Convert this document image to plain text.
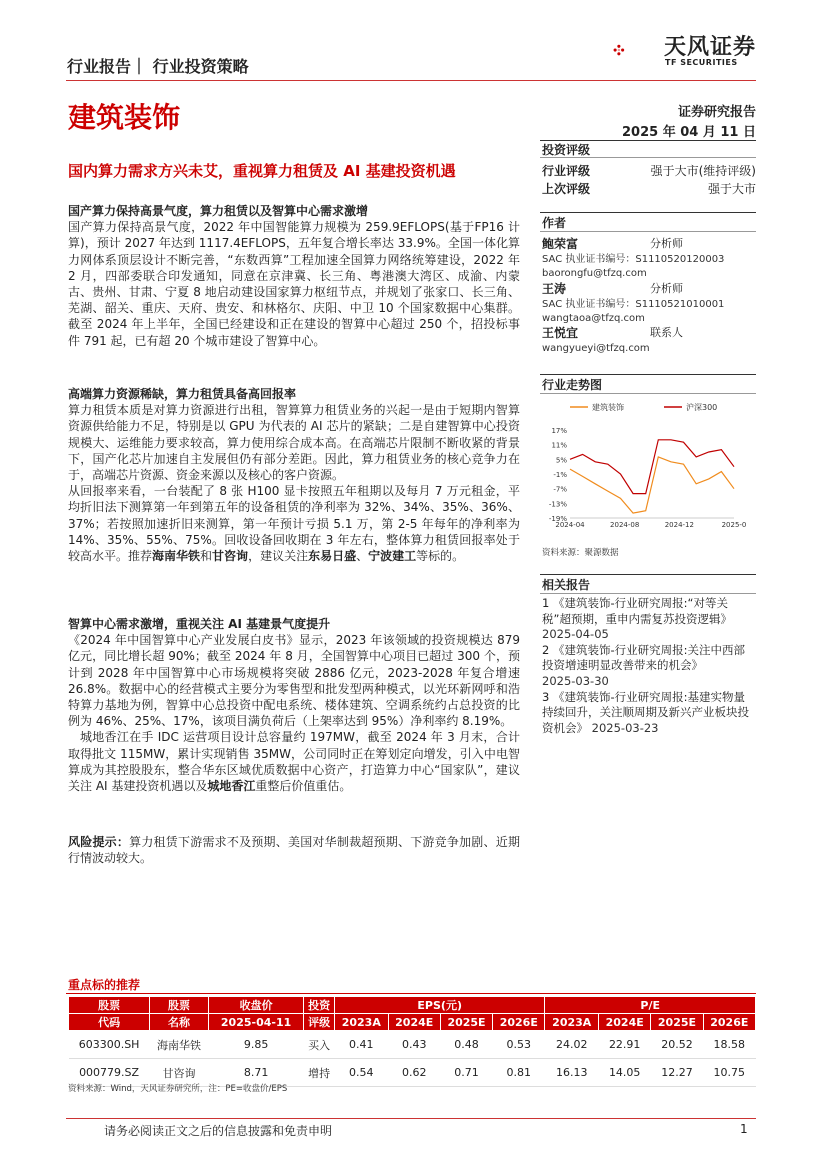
行业报告｜ 行业投资策略
天风证券
TF SECURITIES
建筑装饰	证券研究报告
2025 年 04 月 11 日
国内算力需求方兴未艾，重视算力租赁及 AI 基建投资机遇
投资评级
行业评级	强于大市(维持评级)
上次评级	强于大市
作者
鲍荣富	分析师
SAC 执业证书编号：S1110520120003
baorongfu@tfzq.com
王涛	分析师
SAC 执业证书编号：S1110521010001
wangtaoa@tfzq.com
王悦宜	联系人
wangyueyi@tfzq.com
行业走势图
建筑装饰	沪深300
17%
11%
5%
-1%
-7%
-13%
-19%
2024-04	2024-08	2024-12	2025-0
资料来源：聚源数据
相关报告

1 《建筑装饰-行业研究周报:“对等关税”超预期，重申内需复苏投资逻辑》

2025-04-05

2 《建筑装饰-行业研究周报:关注中西部投资增速明显改善带来的机会》

2025-03-30

3 《建筑装饰-行业研究周报:基建实物量持续回升，关注顺周期及新兴产业板块投资机会》 2025-03-23

国产算力保持高景气度，算力租赁以及智算中心需求激增

国产算力保持高景气度，2022 年中国智能算力规模为 259.9EFLOPS(基于FP16 计算)，预计 2027 年达到 1117.4EFLOPS，五年复合增长率达 33.9%。全国一体化算力网体系顶层设计不断完善，“东数西算”工程加速全国算力网络统筹建设，2022 年 2 月，四部委联合印发通知，同意在京津冀、长三角、粤港澳大湾区、成渝、内蒙古、贵州、甘肃、宁夏 8 地启动建设国家算力枢纽节点，并规划了张家口、长三角、芜湖、韶关、重庆、天府、贵安、和林格尔、庆阳、中卫 10 个国家数据中心集群。截至 2024 年上半年，全国已经建设和正在建设的智算中心超过 250 个，招投标事件 791 起，已有超 20 个城市建设了智算中心。

高端算力资源稀缺，算力租赁具备高回报率

算力租赁本质是对算力资源进行出租，智算算力租赁业务的兴起一是由于短期内智算资源供给能力不足，特别是以 GPU 为代表的 AI 芯片的紧缺；二是自建智算中心投资规模大、运维能力要求较高，算力使用综合成本高。在高端芯片限制不断收紧的背景下，国产化芯片加速自主发展但仍有部分差距。因此，算力租赁业务的核心竞争力在于，高端芯片资源、资金来源以及核心的客户资源。

从回报率来看，一台装配了 8 张 H100 显卡按照五年租期以及每月 7 万元租金，平均折旧法下测算第一年到第五年的设备租赁的净利率为 32%、34%、35%、36%、37%；若按照加速折旧来测算，第一年预计亏损 5.1 万，第 2-5 年每年的净利率为 14%、35%、55%、75%。回收设备回收期在 3 年左右，整体算力租赁回报率处于较高水平。推荐海南华铁和甘咨询，建议关注东易日盛、宁波建工等标的。

智算中心需求激增，重视关注 AI 基建景气度提升

《2024 年中国智算中心产业发展白皮书》显示，2023 年该领域的投资规模达 879 亿元，同比增长超 90%；截至 2024 年 8 月，全国智算中心项目已超过 300 个，预计到 2028 年中国智算中心市场规模将突破 2886 亿元，2023-2028 年复合增速 26.8%。数据中心的经营模式主要分为零售型和批发型两种模式，以光环新网呼和浩特算力基地为例，智算中心总投资中配电系统、楼体建筑、空调系统约占总投资的比例为 46%、25%、17%，该项目满负荷后（上架率达到 95%）净利率约 8.19%。

城地香江在手 IDC 运营项目设计总容量约 197MW，截至 2024 年 3 月末，合计取得批文 115MW，累计实现销售 35MW，公司同时正在筹划定向增发，引入中电智算成为其控股股东，整合华东区域优质数据中心资产，打造算力中心“国家队”，建议关注 AI 基建投资机遇以及城地香江重整后价值重估。

风险提示：算力租赁下游需求不及预期、美国对华制裁超预期、下游竞争加剧、近期行情波动较大。

重点标的推荐
股票	股票	收盘价	投资	EPS(元)				P/E			
代码	名称	2025-04-11	评级	2023A	2024E	2025E	2026E	2023A	2024E	2025E	2026E
603300.SH	海南华铁	9.85	买入	0.41	0.43	0.48	0.53	24.02	22.91	20.52	18.58
000779.SZ	甘咨询	8.71	增持	0.54	0.62	0.71	0.81	16.13	14.05	12.27	10.75
资料来源：Wind，天风证券研究所，注：PE=收盘价/EPS
请务必阅读正文之后的信息披露和免责申明	1
